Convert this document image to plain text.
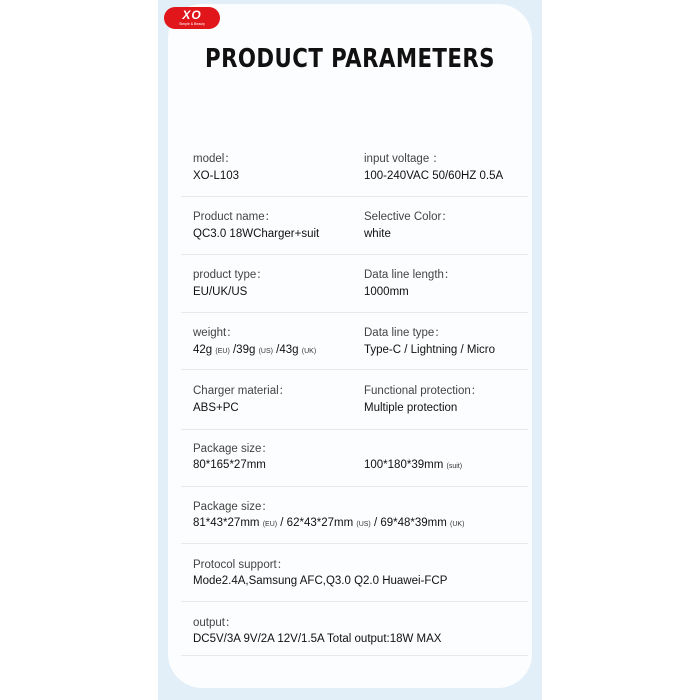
XO
Simple & Beauty
PRODUCT PARAMETERS
model：
XO-L103
input voltage ：
100-240VAC 50/60HZ 0.5A
Product name：
QC3.0 18WCharger+suit
Selective Color：
white
product type：
EU/UK/US
Data line length：
1000mm
weight：
42g (EU) /39g (US) /43g (UK)
Data line type：
Type-C / Lightning / Micro
Charger material：
ABS+PC
Functional protection：
Multiple protection
Package size：
80*165*27mm	100*180*39mm (suit)
Package size：
81*43*27mm (EU) / 62*43*27mm (US) / 69*48*39mm (UK)
Protocol support：
Mode2.4A,Samsung AFC,Q3.0 Q2.0 Huawei-FCP
output：
DC5V/3A 9V/2A 12V/1.5A Total output:18W MAX
